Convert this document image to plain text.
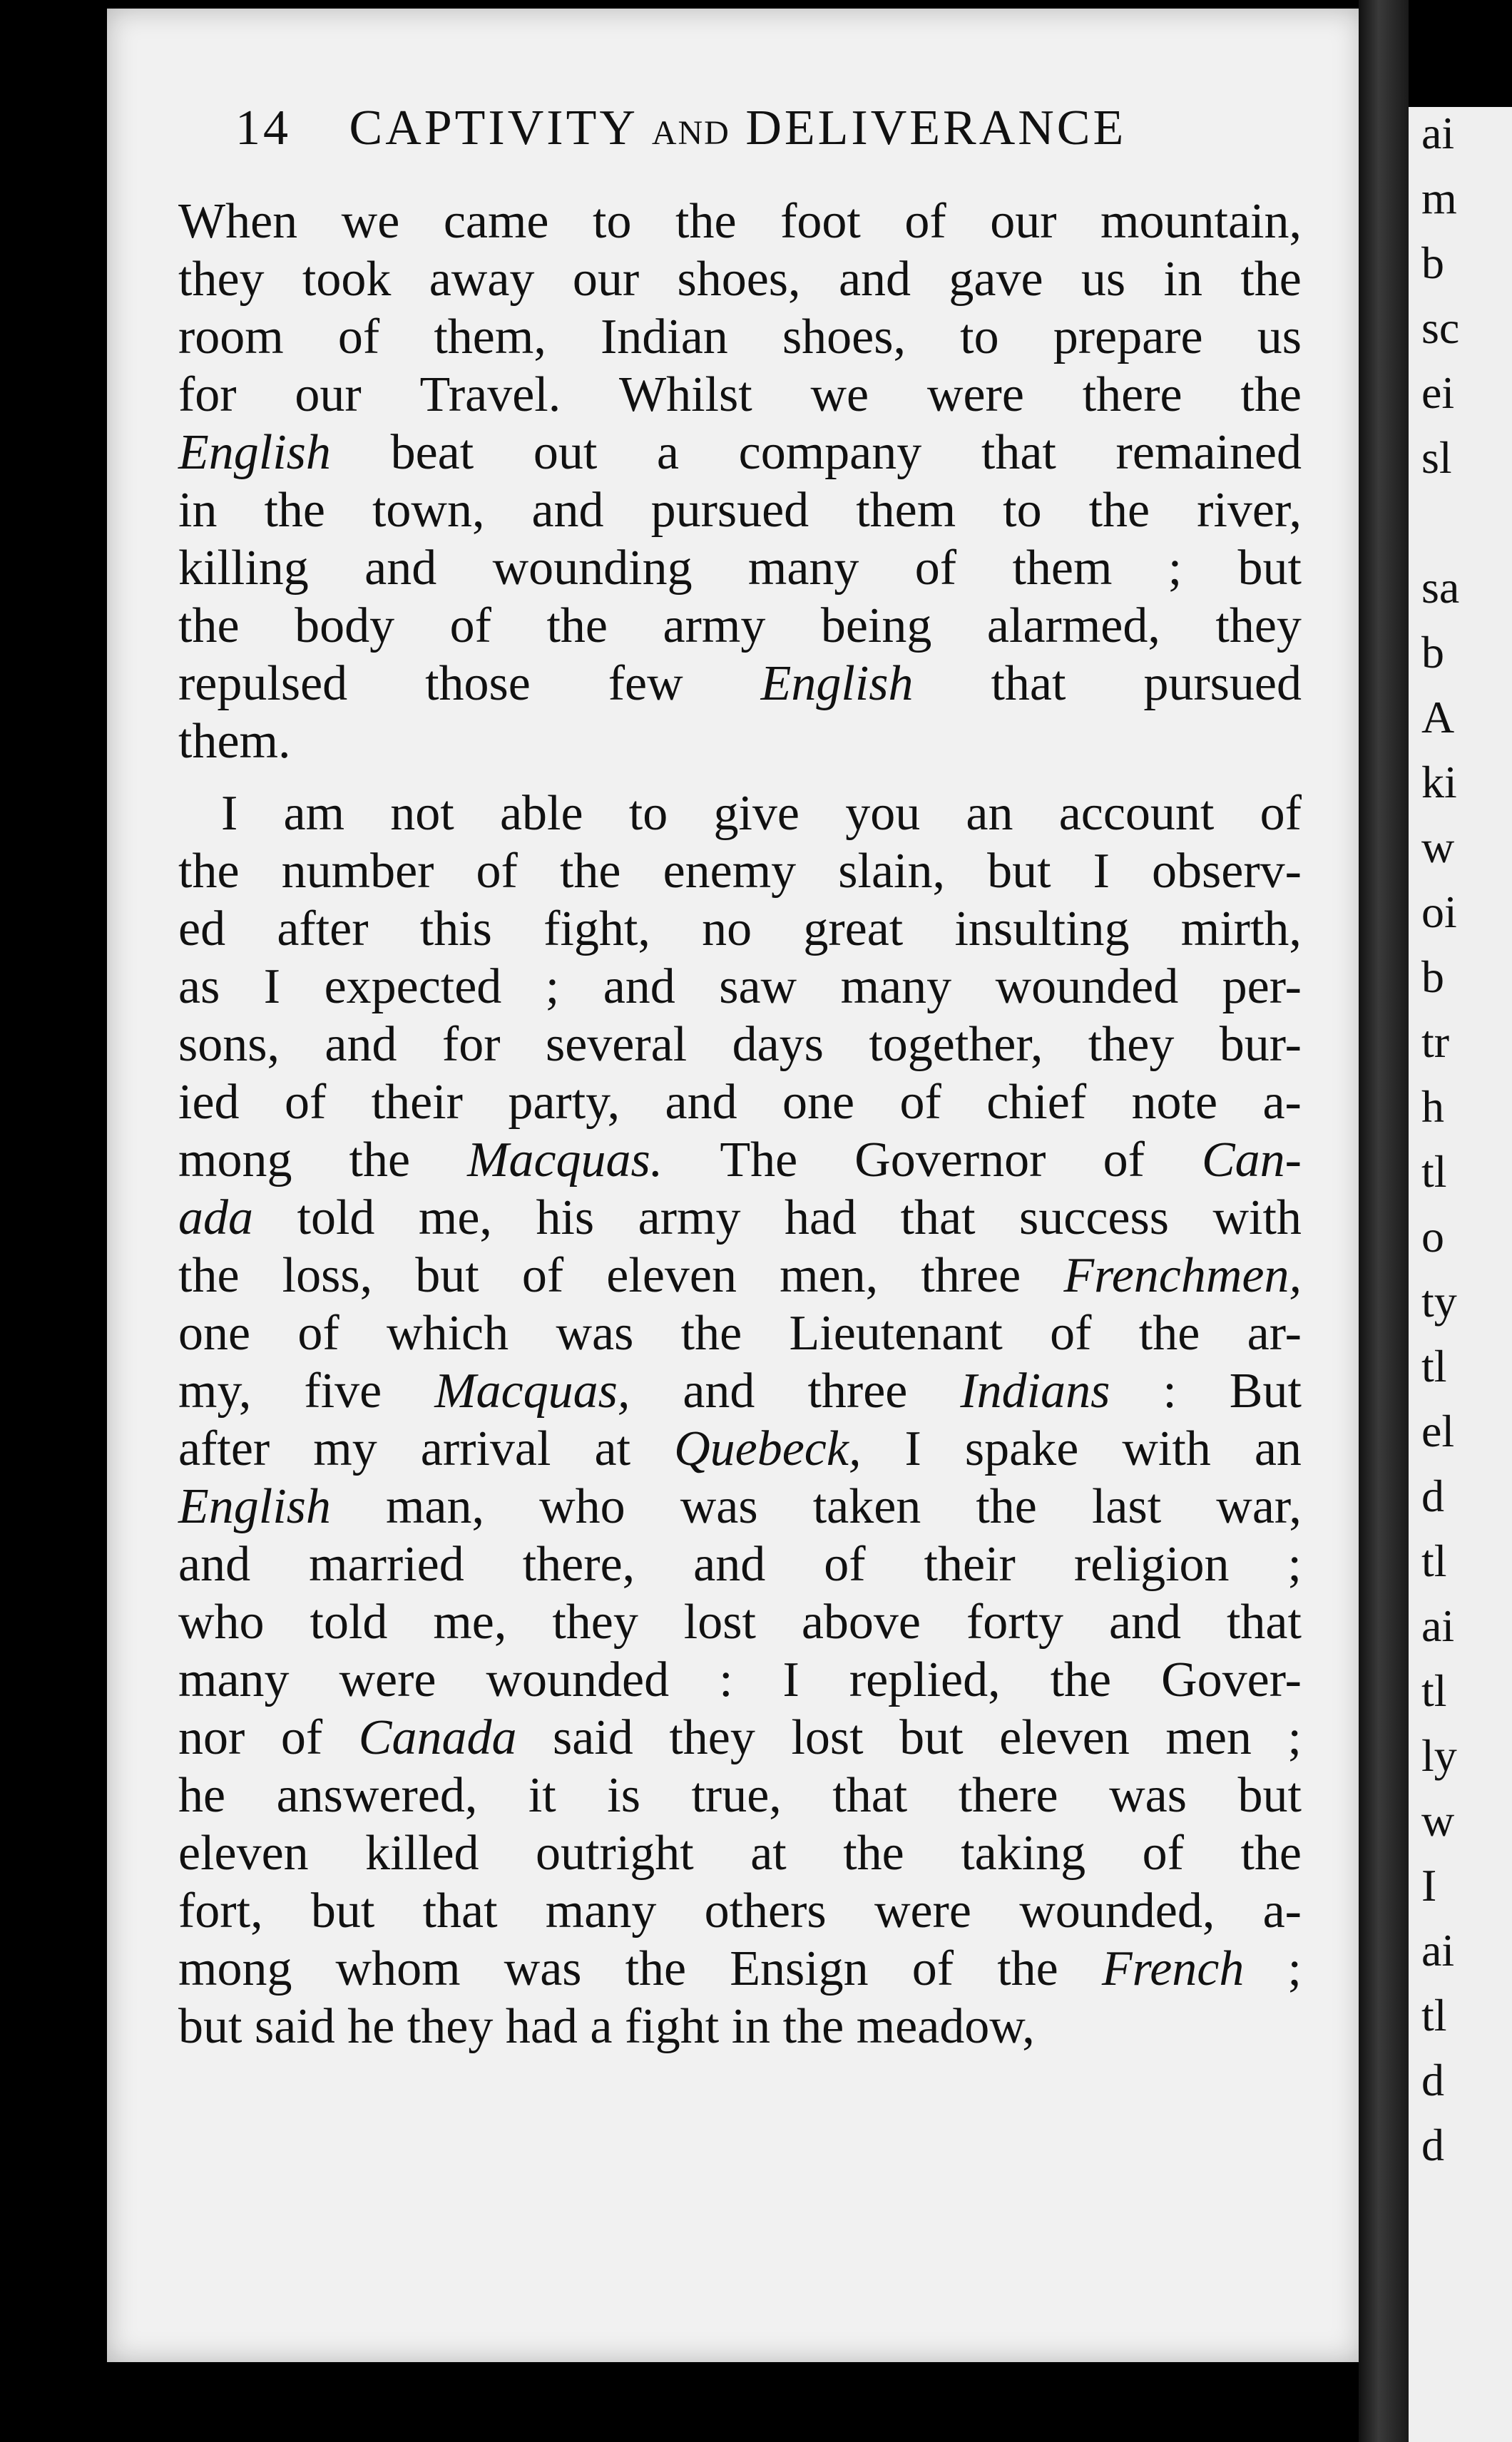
ai
m
b
sc
ei
sl
sa
b
A
ki
w
oi
b
tr
h
tl
o
ty
tl
el
d
tl
ai
tl
ly
w
I
ai
tl
d
d
14 CAPTIVITY AND DELIVERANCE
When we came to the foot of our mountain,
they took away our shoes, and gave us in the
room of them, Indian shoes, to prepare us
for our Travel. Whilst we were there the
English beat out a company that remained
in the town, and pursued them to the river,
killing and wounding many of them ; but
the body of the army being alarmed, they
repulsed those few English that pursued
them.
I am not able to give you an account of
the number of the enemy slain, but I observ-
ed after this fight, no great insulting mirth,
as I expected ; and saw many wounded per-
sons, and for several days together, they bur-
ied of their party, and one of chief note a-
mong the Macquas. The Governor of Can-
ada told me, his army had that success with
the loss, but of eleven men, three Frenchmen,
one of which was the Lieutenant of the ar-
my, five Macquas, and three Indians : But
after my arrival at Quebeck, I spake with an
English man, who was taken the last war,
and married there, and of their religion ;
who told me, they lost above forty and that
many were wounded : I replied, the Gover-
nor of Canada said they lost but eleven men ;
he answered, it is true, that there was but
eleven killed outright at the taking of the
fort, but that many others were wounded, a-
mong whom was the Ensign of the French ;
but said he they had a fight in the meadow,
